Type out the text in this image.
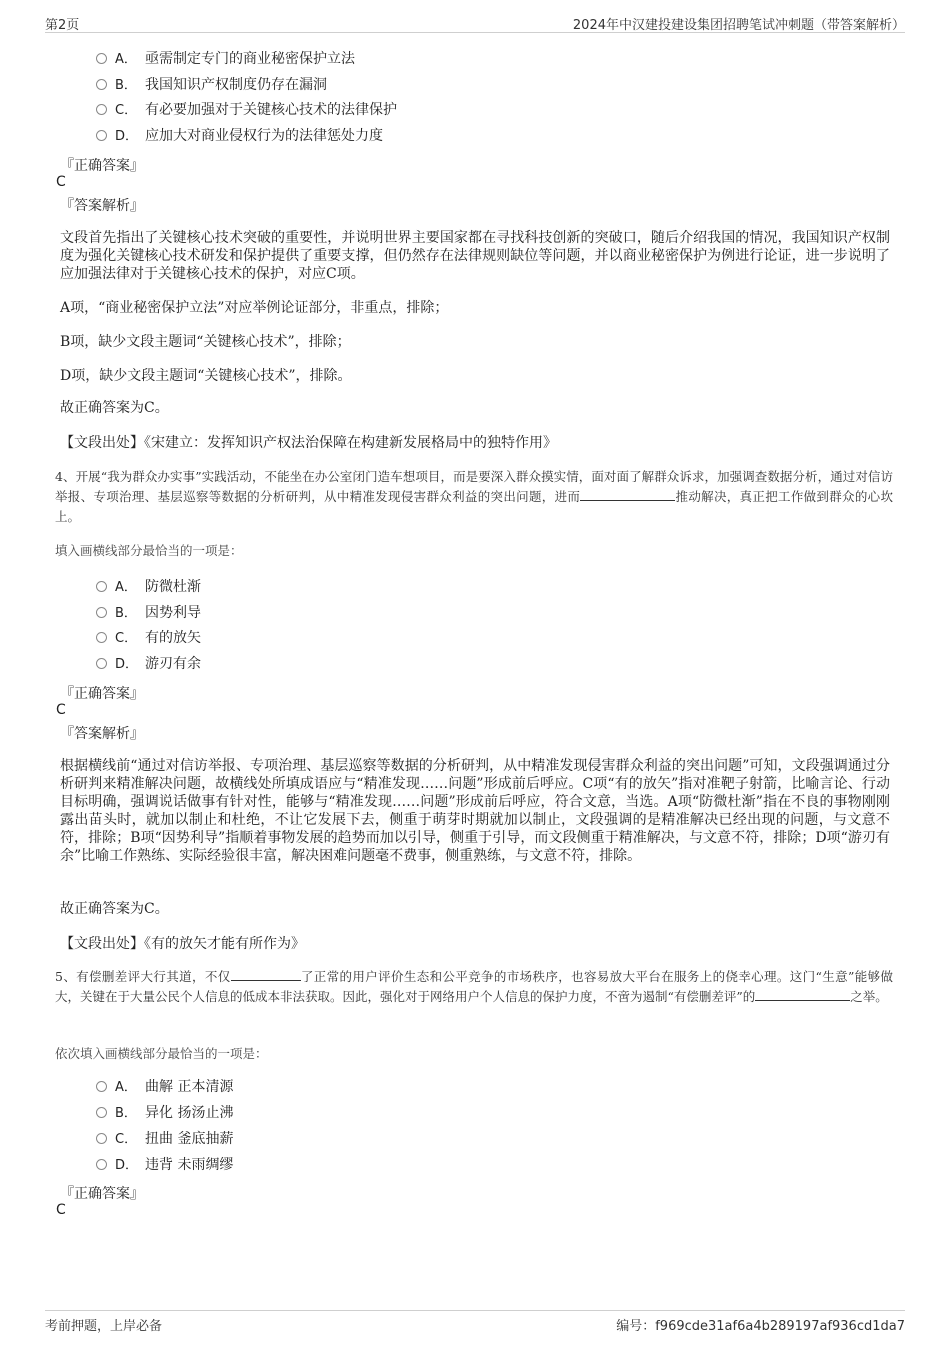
第2页	2024年中汉建投建设集团招聘笔试冲刺题（带答案解析）
A． 亟需制定专门的商业秘密保护立法
B． 我国知识产权制度仍存在漏洞
C． 有必要加强对于关键核心技术的法律保护
D． 应加大对商业侵权行为的法律惩处力度
『正确答案』
C
『答案解析』
文段首先指出了关键核心技术突破的重要性，并说明世界主要国家都在寻找科技创新的突破口，随后介绍我国的情况，我国知识产权制度为强化关键核心技术研发和保护提供了重要支撑，但仍然存在法律规则缺位等问题，并以商业秘密保护为例进行论证，进一步说明了应加强法律对于关键核心技术的保护，对应C项。
A项，“商业秘密保护立法”对应举例论证部分，非重点，排除；
B项，缺少文段主题词“关键核心技术”，排除；
D项，缺少文段主题词“关键核心技术”，排除。
故正确答案为C。
【文段出处】《宋建立：发挥知识产权法治保障在构建新发展格局中的独特作用》
4、开展“我为群众办实事”实践活动，不能坐在办公室闭门造车想项目，而是要深入群众摸实情，面对面了解群众诉求，加强调查数据分析，通过对信访举报、专项治理、基层巡察等数据的分析研判，从中精准发现侵害群众利益的突出问题，进而	推动解决，真正把工作做到群众的心坎上。
填入画横线部分最恰当的一项是：
A． 防微杜渐
B． 因势利导
C． 有的放矢
D． 游刃有余
『正确答案』
C
『答案解析』
根据横线前“通过对信访举报、专项治理、基层巡察等数据的分析研判，从中精准发现侵害群众利益的突出问题”可知，文段强调通过分析研判来精准解决问题，故横线处所填成语应与“精准发现……问题”形成前后呼应。C项“有的放矢”指对准靶子射箭，比喻言论、行动目标明确，强调说话做事有针对性，能够与“精准发现……问题”形成前后呼应，符合文意，当选。A项“防微杜渐”指在不良的事物刚刚露出苗头时，就加以制止和杜绝，不让它发展下去，侧重于萌芽时期就加以制止，文段强调的是精准解决已经出现的问题，与文意不符，排除；B项“因势利导”指顺着事物发展的趋势而加以引导，侧重于引导，而文段侧重于精准解决，与文意不符，排除；D项“游刃有余”比喻工作熟练、实际经验很丰富，解决困难问题毫不费事，侧重熟练，与文意不符，排除。
故正确答案为C。
【文段出处】《有的放矢才能有所作为》
5、有偿删差评大行其道，不仅	了正常的用户评价生态和公平竞争的市场秩序，也容易放大平台在服务上的侥幸心理。这门“生意”能够做大，关键在于大量公民个人信息的低成本非法获取。因此，强化对于网络用户个人信息的保护力度，不啻为遏制“有偿删差评”的	之举。
依次填入画横线部分最恰当的一项是：
A． 曲解 正本清源
B． 异化 扬汤止沸
C． 扭曲 釜底抽薪
D． 违背 未雨绸缪
『正确答案』
C
考前押题，上岸必备	编号：f969cde31af6a4b289197af936cd1da7
